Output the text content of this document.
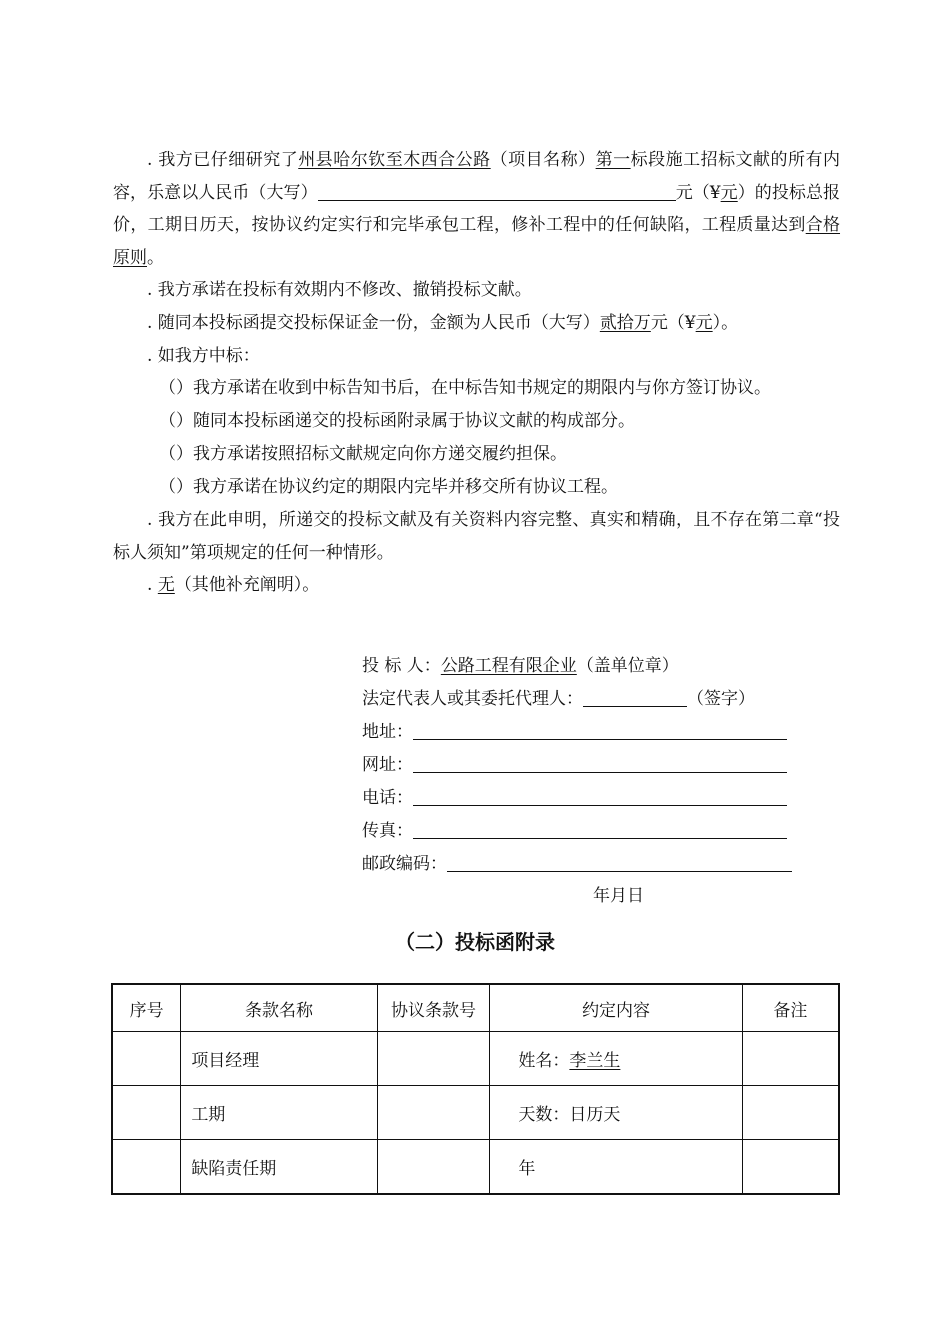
. 我方已仔细研究了州县哈尔钦至木西合公路（项目名称）第一标段施工招标文献的所有内容，乐意以人民币（大写）	元（¥元）的投标总报价，工期日历天，按协议约定实行和完毕承包工程，修补工程中的任何缺陷，工程质量达到合格原则。

. 我方承诺在投标有效期内不修改、撤销投标文献。

. 随同本投标函提交投标保证金一份，金额为人民币（大写）贰拾万元（¥元）。

. 如我方中标：

（）我方承诺在收到中标告知书后，在中标告知书规定的期限内与你方签订协议。

（）随同本投标函递交的投标函附录属于协议文献的构成部分。

（）我方承诺按照招标文献规定向你方递交履约担保。

（）我方承诺在协议约定的期限内完毕并移交所有协议工程。

. 我方在此申明，所递交的投标文献及有关资料内容完整、真实和精确，且不存在第二章“投标人须知”第项规定的任何一种情形。

. 无（其他补充阐明）。

投 标 人：公路工程有限企业（盖单位章）
法定代表人或其委托代理人：	（签字）
地址：
网址：
电话：
传真：
邮政编码：
年月日
（二）投标函附录
序号	条款名称	协议条款号	约定内容	备注
	项目经理		姓名：李兰生	
	工期		天数：日历天	
	缺陷责任期		年	
